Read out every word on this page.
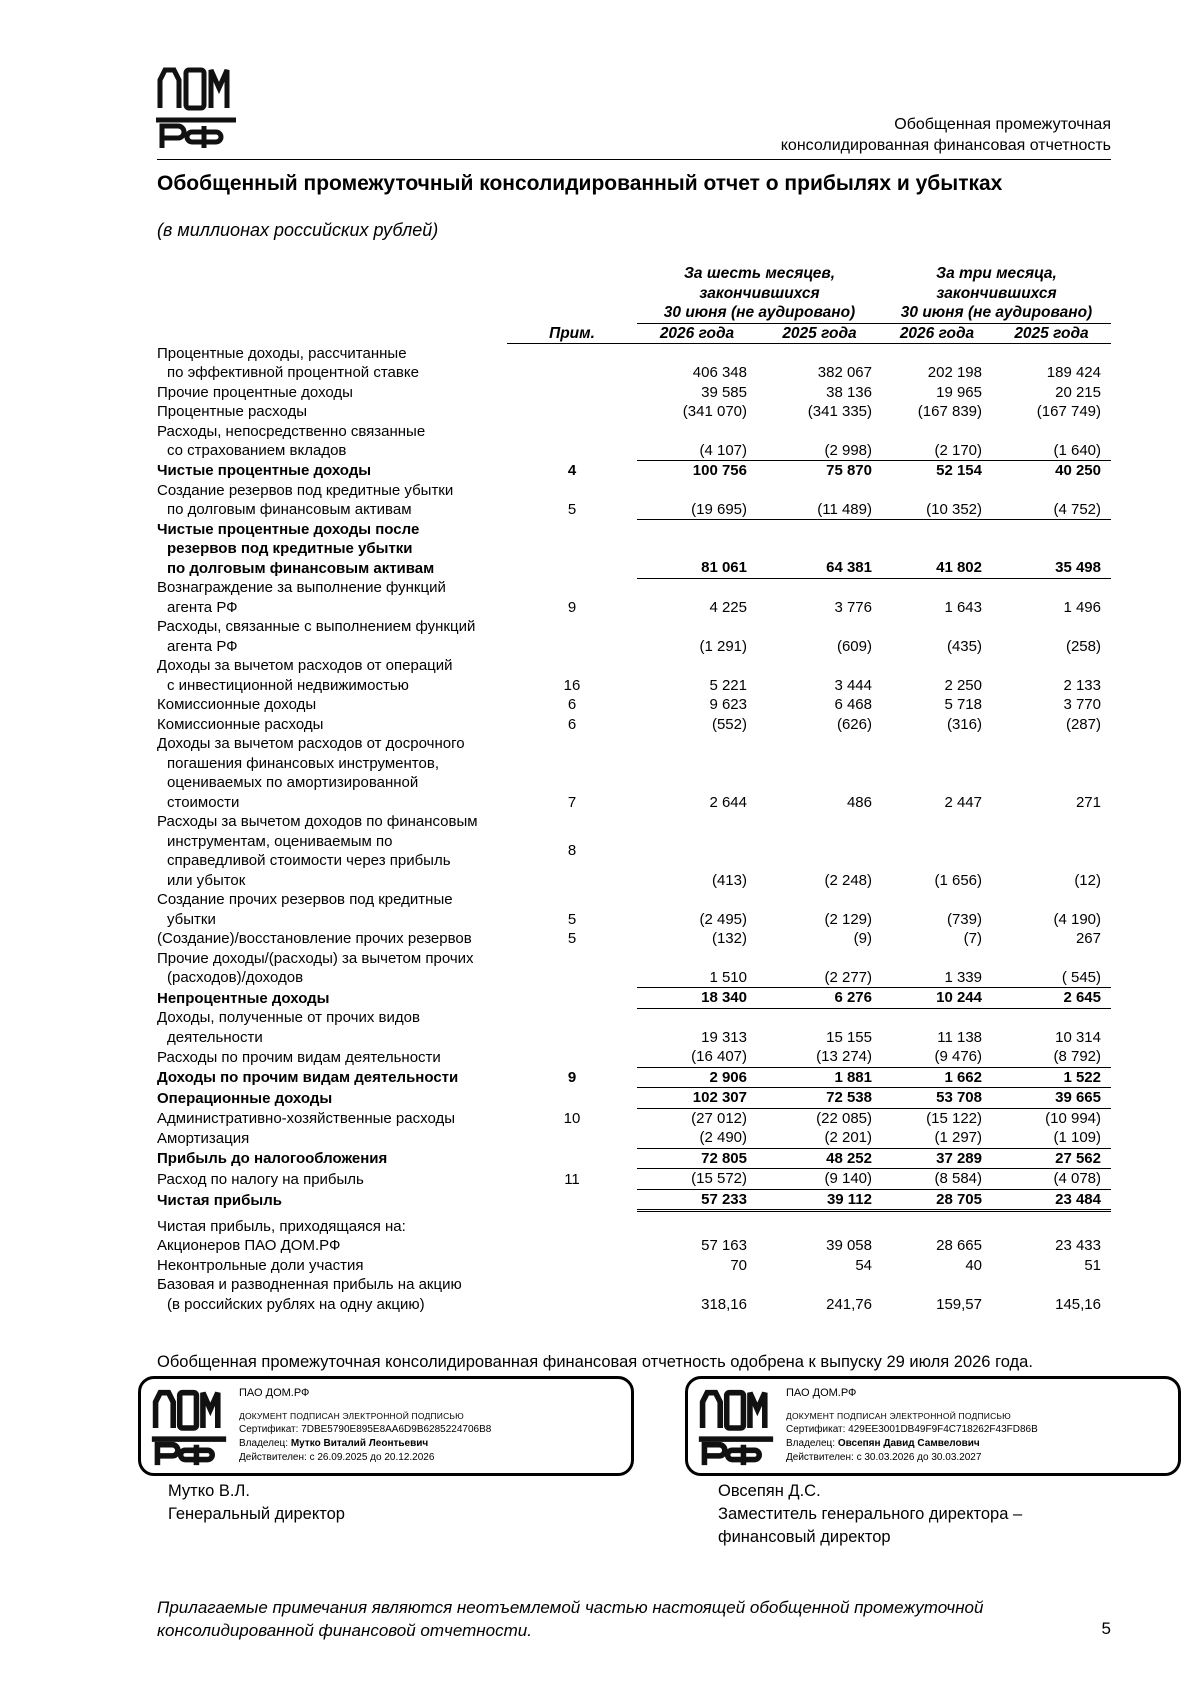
Обобщенная промежуточная
консолидированная финансовая отчетность
Обобщенный промежуточный консолидированный отчет о прибылях и убытках
(в миллионах российских рублей)

		За шесть месяцев,
закончившихся
30 июня (не аудировано)		За три месяца,
закончившихся
30 июня (не аудировано)	

	Прим.	2026 года	2025 года	2026 года	2025 года

Процентные доходы, рассчитанные
по эффективной процентной ставке		406 348	382 067	202 198	189 424

Прочие процентные доходы		39 585	38 136	19 965	20 215

Процентные расходы		(341 070)	(341 335)	(167 839)	(167 749)

Расходы, непосредственно связанные
со страхованием вкладов		(4 107)	(2 998)	(2 170)	(1 640)

Чистые процентные доходы	4	100 756	75 870	52 154	40 250

Создание резервов под кредитные убытки
по долговым финансовым активам	5	(19 695)	(11 489)	(10 352)	(4 752)

Чистые процентные доходы после
резервов под кредитные убытки
по долговым финансовым активам		81 061	64 381	41 802	35 498

Вознаграждение за выполнение функций
агента РФ	9	4 225	3 776	1 643	1 496

Расходы, связанные с выполнением функций
агента РФ		(1 291)	(609)	(435)	(258)

Доходы за вычетом расходов от операций
с инвестиционной недвижимостью	16	5 221	3 444	2 250	2 133

Комиссионные доходы	6	9 623	6 468	5 718	3 770

Комиссионные расходы	6	(552)	(626)	(316)	(287)

Доходы за вычетом расходов от досрочного
погашения финансовых инструментов,
оцениваемых по амортизированной
стоимости	7	2 644	486	2 447	271

Расходы за вычетом доходов по финансовым
инструментам, оцениваемым по
справедливой стоимости через прибыль
или убыток	8	(413)	(2 248)	(1 656)	(12)

Создание прочих резервов под кредитные
убытки	5	(2 495)	(2 129)	(739)	(4 190)

(Создание)/восстановление прочих резервов	5	(132)	(9)	(7)	267

Прочие доходы/(расходы) за вычетом прочих
(расходов)/доходов		1 510	(2 277)	1 339	( 545)

Непроцентные доходы		18 340	6 276	10 244	2 645

Доходы, полученные от прочих видов
деятельности		19 313	15 155	11 138	10 314

Расходы по прочим видам деятельности		(16 407)	(13 274)	(9 476)	(8 792)

Доходы по прочим видам деятельности	9	2 906	1 881	1 662	1 522

Операционные доходы		102 307	72 538	53 708	39 665

Административно-хозяйственные расходы	10	(27 012)	(22 085)	(15 122)	(10 994)

Амортизация		(2 490)	(2 201)	(1 297)	(1 109)

Прибыль до налогообложения		72 805	48 252	37 289	27 562

Расход по налогу на прибыль	11	(15 572)	(9 140)	(8 584)	(4 078)

Чистая прибыль		57 233	39 112	28 705	23 484

Чистая прибыль, приходящаяся на:					

Акционеров ПАО ДОМ.РФ		57 163	39 058	28 665	23 433

Неконтрольные доли участия		70	54	40	51

Базовая и разводненная прибыль на акцию
(в российских рублях на одну акцию)		318,16	241,76	159,57	145,16
Обобщенная промежуточная консолидированная финансовая отчетность одобрена к выпуску 29 июля 2026 года.
ПАО ДОМ.РФ
ДОКУМЕНТ ПОДПИСАН ЭЛЕКТРОННОЙ ПОДПИСЬЮ
Сертификат: 7DBE5790E895E8AA6D9B6285224706B8
Владелец: Мутко Виталий Леонтьевич
Действителен: с 26.09.2025 до 20.12.2026
ПАО ДОМ.РФ
ДОКУМЕНТ ПОДПИСАН ЭЛЕКТРОННОЙ ПОДПИСЬЮ
Сертификат: 429EE3001DB49F9F4C718262F43FD86B
Владелец: Овсепян Давид Самвелович
Действителен: с 30.03.2026 до 30.03.2027
Мутко В.Л.
Генеральный директор
Овсепян Д.С.
Заместитель генерального директора –
финансовый директор
Прилагаемые примечания являются неотъемлемой частью настоящей обобщенной промежуточной
консолидированной финансовой отчетности.	5
